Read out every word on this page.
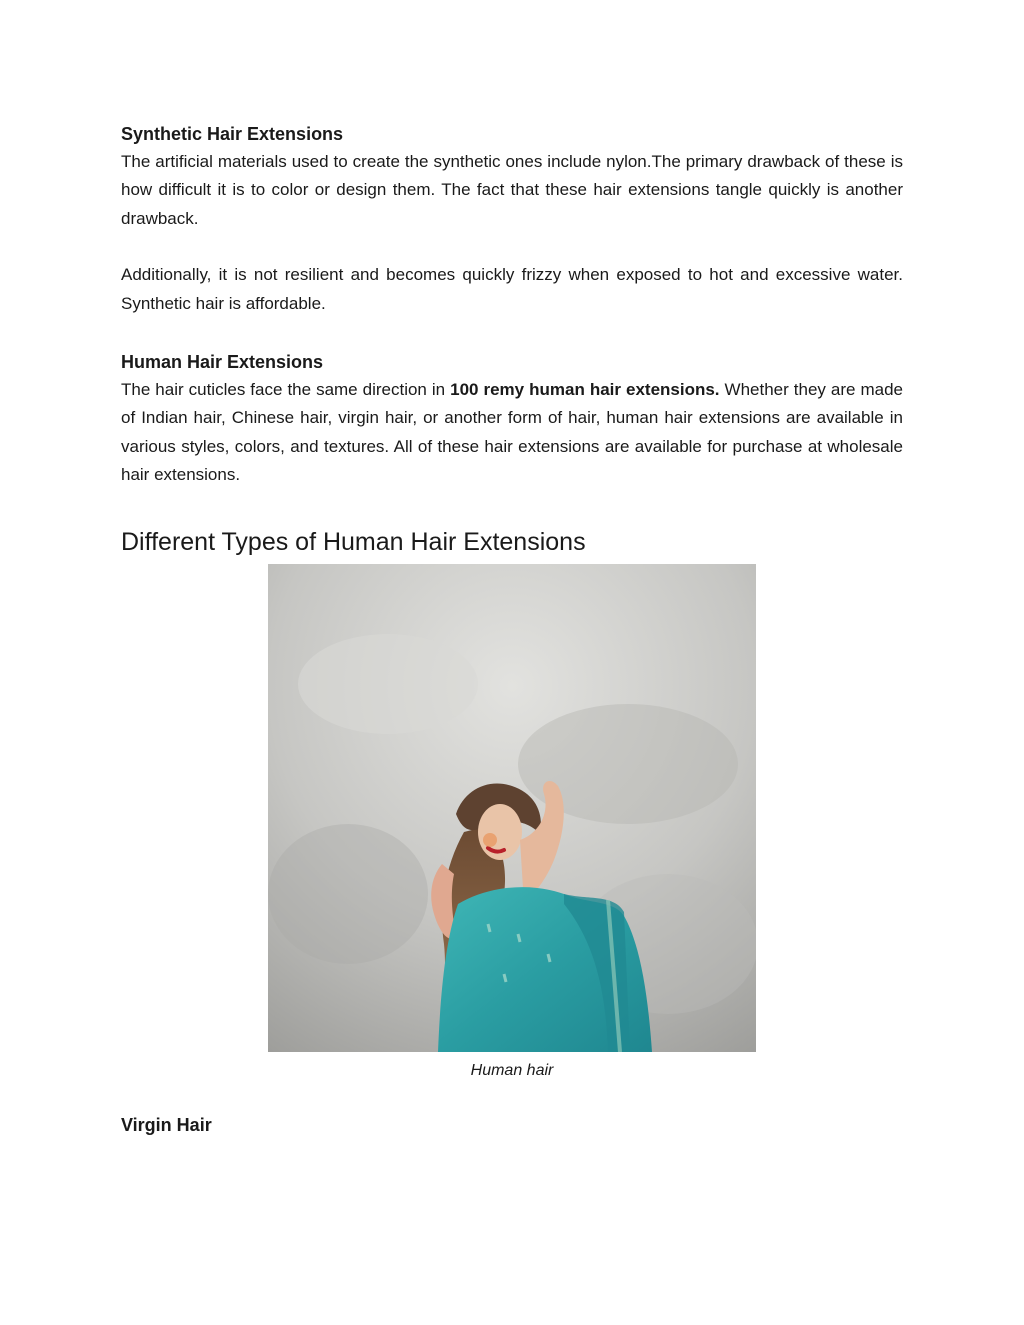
Synthetic Hair Extensions

The artificial materials used to create the synthetic ones include nylon.The primary drawback of these is how difficult it is to color or design them. The fact that these hair extensions tangle quickly is another drawback.

Additionally, it is not resilient and becomes quickly frizzy when exposed to hot and excessive water. Synthetic hair is affordable.

Human Hair Extensions

The hair cuticles face the same direction in 100 remy human hair extensions. Whether they are made of Indian hair, Chinese hair, virgin hair, or another form of hair, human hair extensions are available in various styles, colors, and textures. All of these hair extensions are available for purchase at wholesale hair extensions.

Different Types of Human Hair Extensions
Human hair
Virgin Hair
